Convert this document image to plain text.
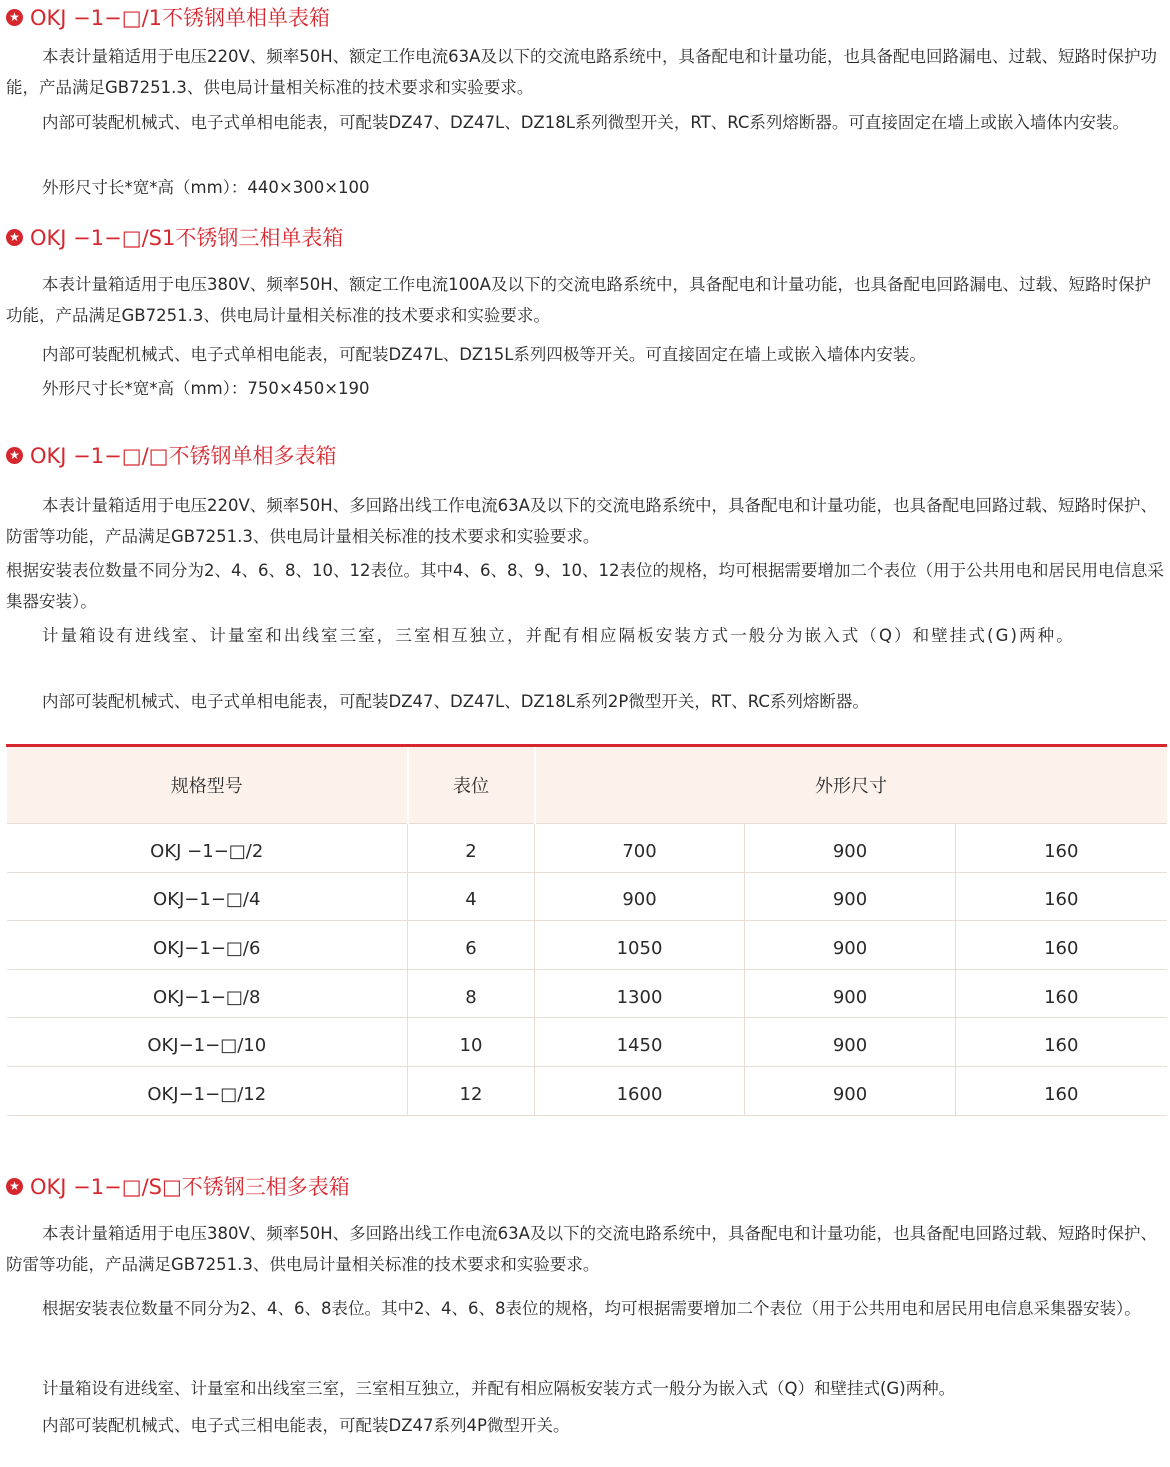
★
OKJ −1−□/1不锈钢单相单表箱

本表计量箱适用于电压220V、频率50H、额定工作电流63A及以下的交流电路系统中，具备配电和计量功能，也具备配电回路漏电、过载、短路时保护功能，产品满足GB7251.3、供电局计量相关标准的技术要求和实验要求。

内部可装配机械式、电子式单相电能表，可配装DZ47、DZ47L、DZ18L系列微型开关，RT、RC系列熔断器。可直接固定在墙上或嵌入墙体内安装。

外形尺寸长*宽*高（mm）：440×300×100

★
OKJ −1−□/S1不锈钢三相单表箱

本表计量箱适用于电压380V、频率50H、额定工作电流100A及以下的交流电路系统中，具备配电和计量功能，也具备配电回路漏电、过载、短路时保护功能，产品满足GB7251.3、供电局计量相关标准的技术要求和实验要求。

内部可装配机械式、电子式单相电能表，可配装DZ47L、DZ15L系列四极等开关。可直接固定在墙上或嵌入墙体内安装。

外形尺寸长*宽*高（mm）：750×450×190

★
OKJ −1−□/□不锈钢单相多表箱

本表计量箱适用于电压220V、频率50H、多回路出线工作电流63A及以下的交流电路系统中，具备配电和计量功能，也具备配电回路过载、短路时保护、防雷等功能，产品满足GB7251.3、供电局计量相关标准的技术要求和实验要求。

根据安装表位数量不同分为2、4、6、8、10、12表位。其中4、6、8、9、10、12表位的规格，均可根据需要增加二个表位（用于公共用电和居民用电信息采集器安装）。

计量箱设有进线室、计量室和出线室三室，三室相互独立，并配有相应隔板安装方式一般分为嵌入式（Q）和壁挂式(G)两种。

内部可装配机械式、电子式单相电能表，可配装DZ47、DZ47L、DZ18L系列2P微型开关，RT、RC系列熔断器。

规格型号	表位	外形尺寸		
OKJ −1−□/2	2	700	900	160
OKJ−1−□/4	4	900	900	160
OKJ−1−□/6	6	1050	900	160
OKJ−1−□/8	8	1300	900	160
OKJ−1−□/10	10	1450	900	160
OKJ−1−□/12	12	1600	900	160
★
OKJ −1−□/S□不锈钢三相多表箱

本表计量箱适用于电压380V、频率50H、多回路出线工作电流63A及以下的交流电路系统中，具备配电和计量功能，也具备配电回路过载、短路时保护、防雷等功能，产品满足GB7251.3、供电局计量相关标准的技术要求和实验要求。

根据安装表位数量不同分为2、4、6、8表位。其中2、4、6、8表位的规格，均可根据需要增加二个表位（用于公共用电和居民用电信息采集器安装）。

计量箱设有进线室、计量室和出线室三室，三室相互独立，并配有相应隔板安装方式一般分为嵌入式（Q）和壁挂式(G)两种。

内部可装配机械式、电子式三相电能表，可配装DZ47系列4P微型开关。
